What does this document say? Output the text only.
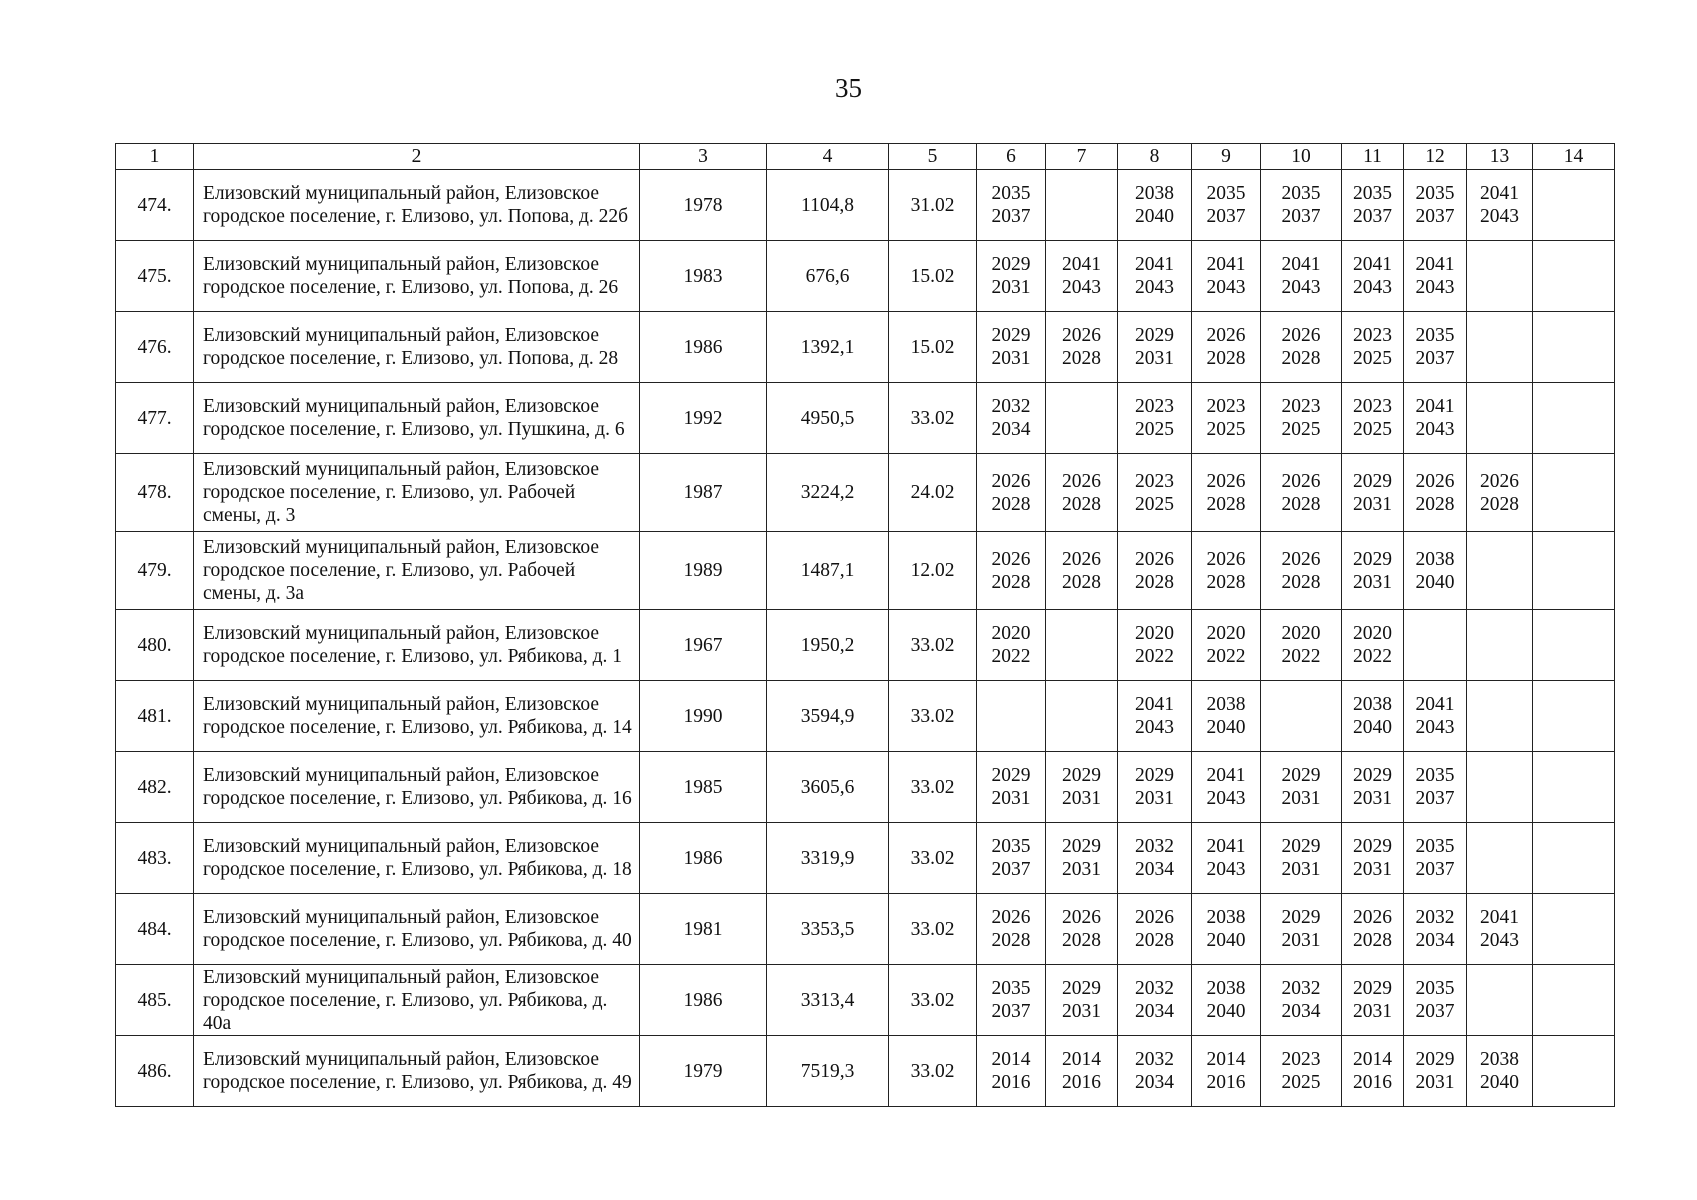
35
1	2	3	4	5	6	7	8	9	10	11	12	13	14
474.	Елизовский муниципальный район, Елизовское городское поселение, г. Елизово, ул. Попова, д. 22б	1978	1104,8	31.02	2035
2037		2038
2040	2035
2037	2035
2037	2035
2037	2035
2037	2041
2043	

475.	Елизовский муниципальный район, Елизовское городское поселение, г. Елизово, ул. Попова, д. 26	1983	676,6	15.02	2029
2031	2041
2043	2041
2043	2041
2043	2041
2043	2041
2043	2041
2043		

476.	Елизовский муниципальный район, Елизовское городское поселение, г. Елизово, ул. Попова, д. 28	1986	1392,1	15.02	2029
2031	2026
2028	2029
2031	2026
2028	2026
2028	2023
2025	2035
2037		

477.	Елизовский муниципальный район, Елизовское городское поселение, г. Елизово, ул. Пушкина, д. 6	1992	4950,5	33.02	2032
2034		2023
2025	2023
2025	2023
2025	2023
2025	2041
2043		

478.	Елизовский муниципальный район, Елизовское городское поселение, г. Елизово, ул. Рабочей смены, д. 3	1987	3224,2	24.02	2026
2028	2026
2028	2023
2025	2026
2028	2026
2028	2029
2031	2026
2028	2026
2028	

479.	Елизовский муниципальный район, Елизовское городское поселение, г. Елизово, ул. Рабочей смены, д. 3а	1989	1487,1	12.02	2026
2028	2026
2028	2026
2028	2026
2028	2026
2028	2029
2031	2038
2040		

480.	Елизовский муниципальный район, Елизовское городское поселение, г. Елизово, ул. Рябикова, д. 1	1967	1950,2	33.02	2020
2022		2020
2022	2020
2022	2020
2022	2020
2022			

481.	Елизовский муниципальный район, Елизовское городское поселение, г. Елизово, ул. Рябикова, д. 14	1990	3594,9	33.02			2041
2043	2038
2040		2038
2040	2041
2043		

482.	Елизовский муниципальный район, Елизовское городское поселение, г. Елизово, ул. Рябикова, д. 16	1985	3605,6	33.02	2029
2031	2029
2031	2029
2031	2041
2043	2029
2031	2029
2031	2035
2037		

483.	Елизовский муниципальный район, Елизовское городское поселение, г. Елизово, ул. Рябикова, д. 18	1986	3319,9	33.02	2035
2037	2029
2031	2032
2034	2041
2043	2029
2031	2029
2031	2035
2037		

484.	Елизовский муниципальный район, Елизовское городское поселение, г. Елизово, ул. Рябикова, д. 40	1981	3353,5	33.02	2026
2028	2026
2028	2026
2028	2038
2040	2029
2031	2026
2028	2032
2034	2041
2043	

485.	Елизовский муниципальный район, Елизовское городское поселение, г. Елизово, ул. Рябикова, д. 40а	1986	3313,4	33.02	2035
2037	2029
2031	2032
2034	2038
2040	2032
2034	2029
2031	2035
2037		

486.	Елизовский муниципальный район, Елизовское городское поселение, г. Елизово, ул. Рябикова, д. 49	1979	7519,3	33.02	2014
2016	2014
2016	2032
2034	2014
2016	2023
2025	2014
2016	2029
2031	2038
2040	
